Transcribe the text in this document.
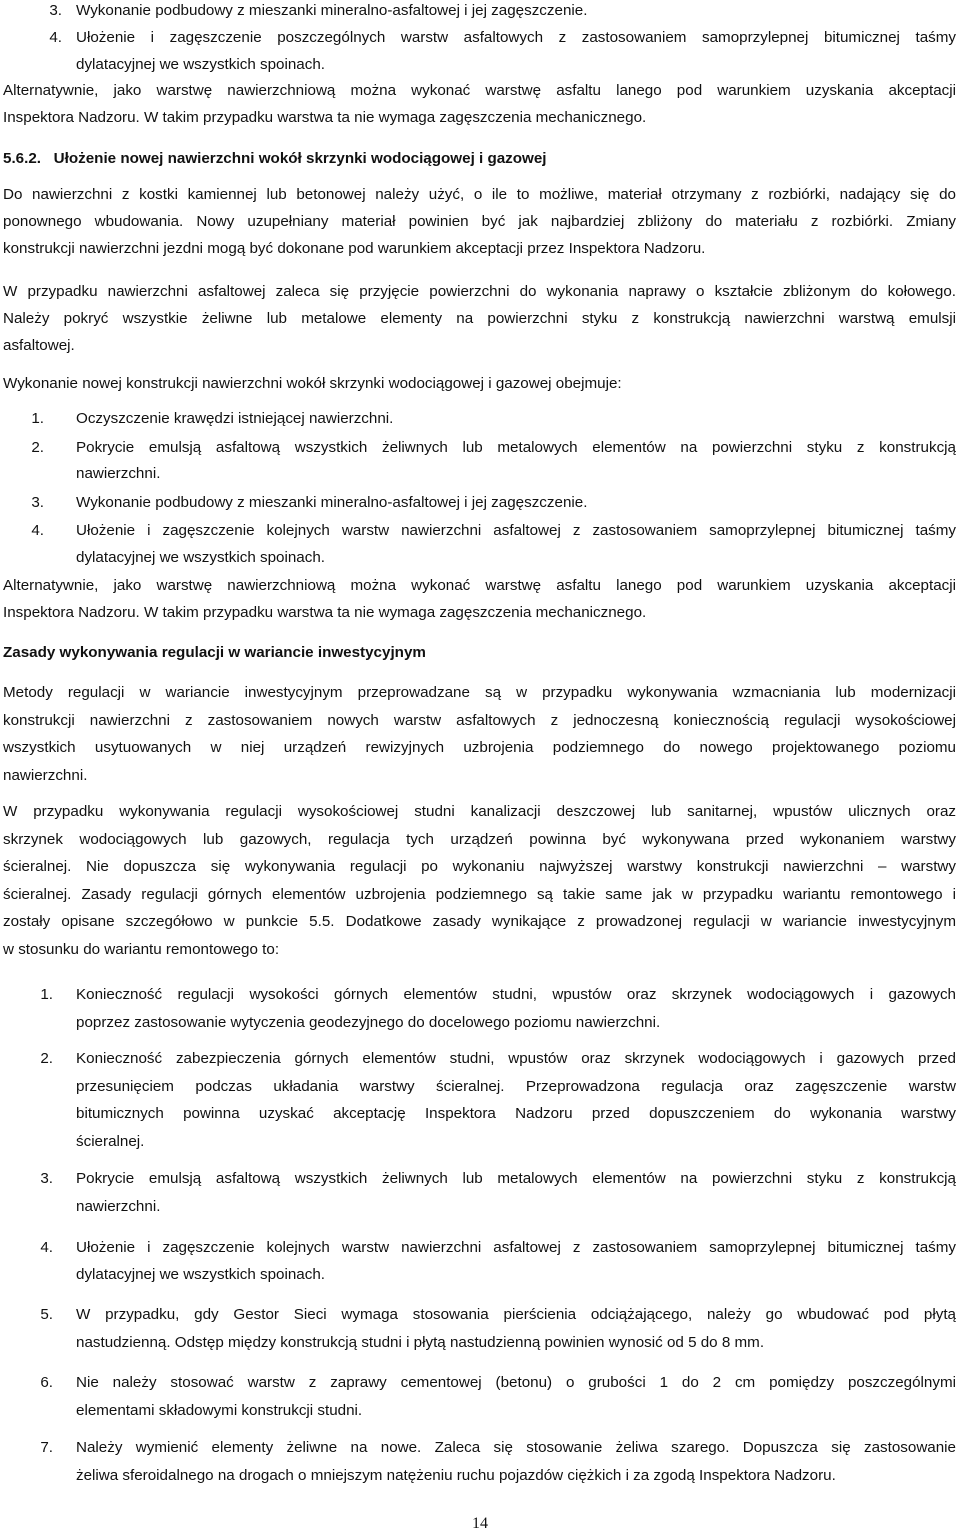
3. Wykonanie podbudowy z mieszanki mineralno-asfaltowej i jej zagęszczenie.
4. Ułożenie i zagęszczenie poszczególnych warstw asfaltowych z zastosowaniem samoprzylepnej bitumicznej taśmy
dylatacyjnej we wszystkich spoinach.
Alternatywnie, jako warstwę nawierzchniową można wykonać warstwę asfaltu lanego pod warunkiem uzyskania akceptacji
Inspektora Nadzoru. W takim przypadku warstwa ta nie wymaga zagęszczenia mechanicznego.
5.6.2. Ułożenie nowej nawierzchni wokół skrzynki wodociągowej i gazowej
Do nawierzchni z kostki kamiennej lub betonowej należy użyć, o ile to możliwe, materiał otrzymany z rozbiórki, nadający się do
ponownego wbudowania. Nowy uzupełniany materiał powinien być jak najbardziej zbliżony do materiału z rozbiórki. Zmiany
konstrukcji nawierzchni jezdni mogą być dokonane pod warunkiem akceptacji przez Inspektora Nadzoru.
W przypadku nawierzchni asfaltowej zaleca się przyjęcie powierzchni do wykonania naprawy o kształcie zbliżonym do kołowego.
Należy pokryć wszystkie żeliwne lub metalowe elementy na powierzchni styku z konstrukcją nawierzchni warstwą emulsji
asfaltowej.
Wykonanie nowej konstrukcji nawierzchni wokół skrzynki wodociągowej i gazowej obejmuje:
1. Oczyszczenie krawędzi istniejącej nawierzchni.
2. Pokrycie emulsją asfaltową wszystkich żeliwnych lub metalowych elementów na powierzchni styku z konstrukcją
nawierzchni.
3. Wykonanie podbudowy z mieszanki mineralno-asfaltowej i jej zagęszczenie.
4. Ułożenie i zagęszczenie kolejnych warstw nawierzchni asfaltowej z zastosowaniem samoprzylepnej bitumicznej taśmy
dylatacyjnej we wszystkich spoinach.
Alternatywnie, jako warstwę nawierzchniową można wykonać warstwę asfaltu lanego pod warunkiem uzyskania akceptacji
Inspektora Nadzoru. W takim przypadku warstwa ta nie wymaga zagęszczenia mechanicznego.
Zasady wykonywania regulacji w wariancie inwestycyjnym
Metody regulacji w wariancie inwestycyjnym przeprowadzane są w przypadku wykonywania wzmacniania lub modernizacji
konstrukcji nawierzchni z zastosowaniem nowych warstw asfaltowych z jednoczesną koniecznością regulacji wysokościowej
wszystkich usytuowanych w niej urządzeń rewizyjnych uzbrojenia podziemnego do nowego projektowanego poziomu
nawierzchni.
W przypadku wykonywania regulacji wysokościowej studni kanalizacji deszczowej lub sanitarnej, wpustów ulicznych oraz
skrzynek wodociągowych lub gazowych, regulacja tych urządzeń powinna być wykonywana przed wykonaniem warstwy
ścieralnej. Nie dopuszcza się wykonywania regulacji po wykonaniu najwyższej warstwy konstrukcji nawierzchni – warstwy
ścieralnej. Zasady regulacji górnych elementów uzbrojenia podziemnego są takie same jak w przypadku wariantu remontowego i
zostały opisane szczegółowo w punkcie 5.5. Dodatkowe zasady wynikające z prowadzonej regulacji w wariancie inwestycyjnym
w stosunku do wariantu remontowego to:
1. Konieczność regulacji wysokości górnych elementów studni, wpustów oraz skrzynek wodociągowych i gazowych
poprzez zastosowanie wytyczenia geodezyjnego do docelowego poziomu nawierzchni.
2. Konieczność zabezpieczenia górnych elementów studni, wpustów oraz skrzynek wodociągowych i gazowych przed
przesunięciem podczas układania warstwy ścieralnej. Przeprowadzona regulacja oraz zagęszczenie warstw
bitumicznych powinna uzyskać akceptację Inspektora Nadzoru przed dopuszczeniem do wykonania warstwy
ścieralnej.
3. Pokrycie emulsją asfaltową wszystkich żeliwnych lub metalowych elementów na powierzchni styku z konstrukcją
nawierzchni.
4. Ułożenie i zagęszczenie kolejnych warstw nawierzchni asfaltowej z zastosowaniem samoprzylepnej bitumicznej taśmy
dylatacyjnej we wszystkich spoinach.
5. W przypadku, gdy Gestor Sieci wymaga stosowania pierścienia odciążającego, należy go wbudować pod płytą
nastudzienną. Odstęp między konstrukcją studni i płytą nastudzienną powinien wynosić od 5 do 8 mm.
6. Nie należy stosować warstw z zaprawy cementowej (betonu) o grubości 1 do 2 cm pomiędzy poszczególnymi
elementami składowymi konstrukcji studni.
7. Należy wymienić elementy żeliwne na nowe. Zaleca się stosowanie żeliwa szarego. Dopuszcza się zastosowanie
żeliwa sferoidalnego na drogach o mniejszym natężeniu ruchu pojazdów ciężkich i za zgodą Inspektora Nadzoru.
14
